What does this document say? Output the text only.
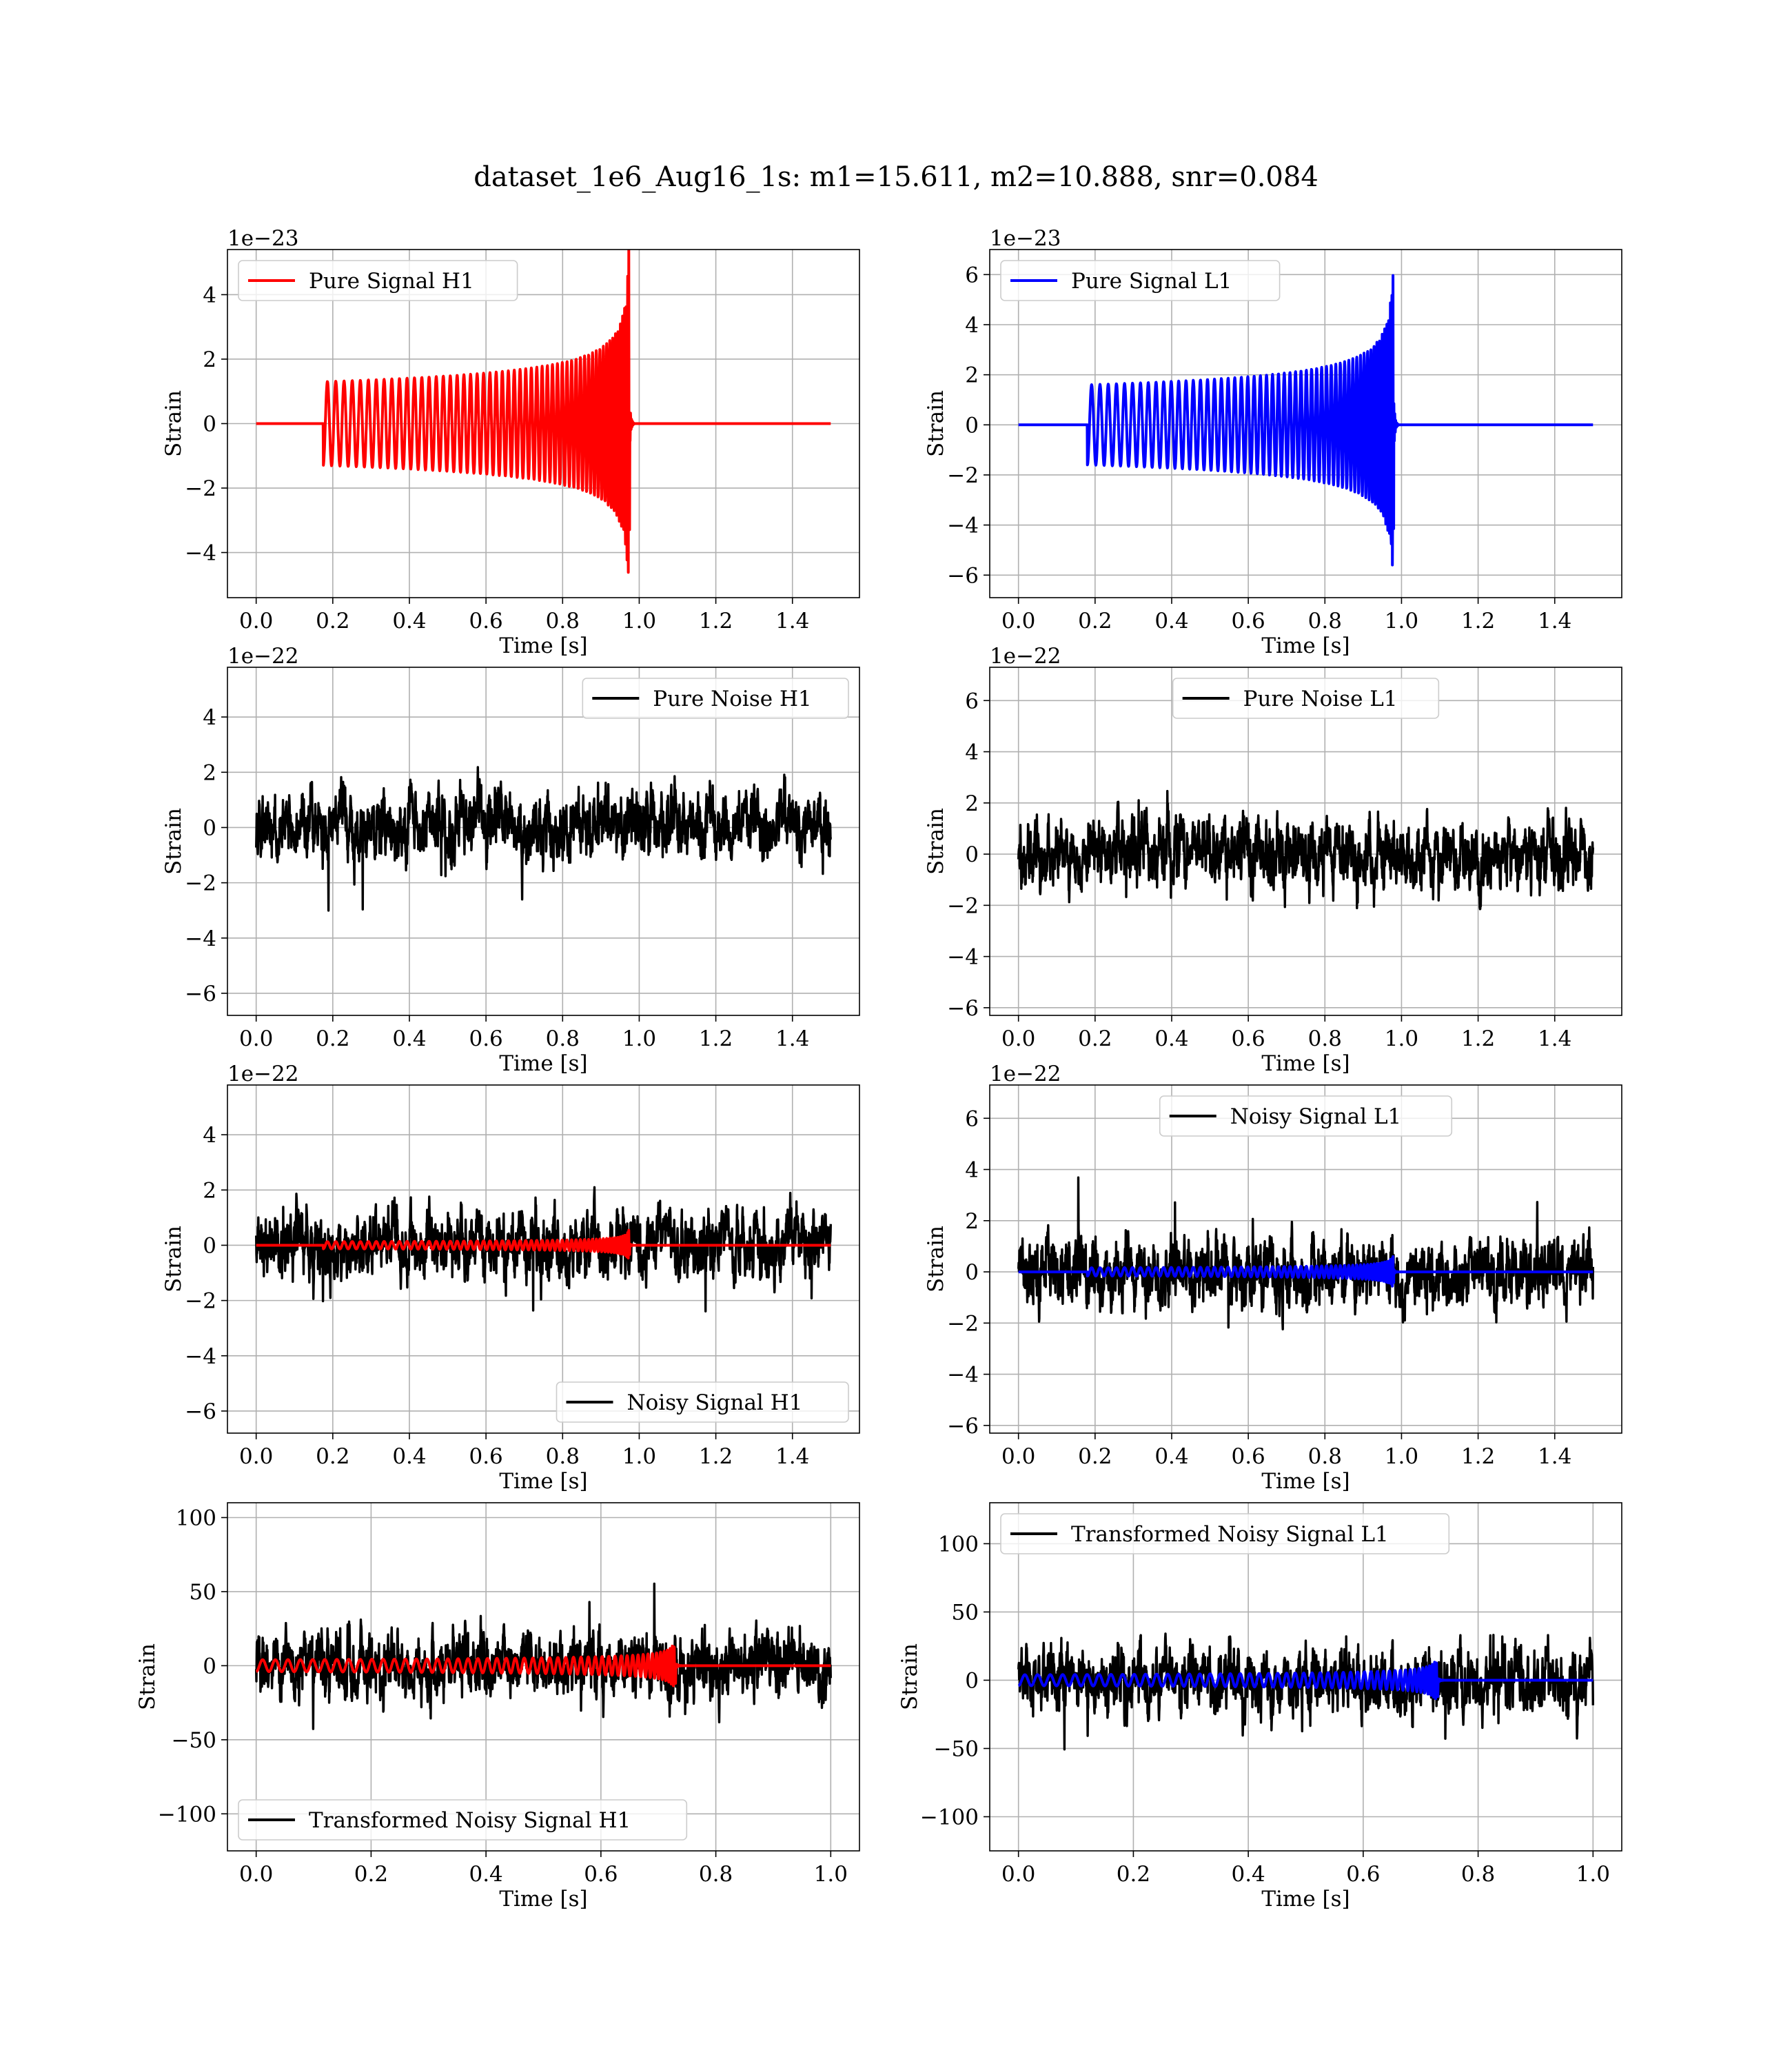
dataset_1e6_Aug16_1s: m1=15.611, m2=10.888, snr=0.084
0.0 0.2 0.4 0.6 0.8 1.0 1.2 1.4
−4
−2
0
2
4
Time [s]
Strain
1e−23
Pure Signal H1
0.0 0.2 0.4 0.6 0.8 1.0 1.2 1.4
−6
−4
−2
0
2
4
6
Time [s]
Strain
1e−23
Pure Signal L1
0.0 0.2 0.4 0.6 0.8 1.0 1.2 1.4
−6
−4
−2
0
2
4
Time [s]
Strain
1e−22
Pure Noise H1
0.0 0.2 0.4 0.6 0.8 1.0 1.2 1.4
−6
−4
−2
0
2
4
6
Time [s]
Strain
1e−22
Pure Noise L1
0.0 0.2 0.4 0.6 0.8 1.0 1.2 1.4
−6
−4
−2
0
2
4
Time [s]
Strain
1e−22
Noisy Signal H1
0.0 0.2 0.4 0.6 0.8 1.0 1.2 1.4
−6
−4
−2
0
2
4
6
Time [s]
Strain
1e−22
Noisy Signal L1
0.0	0.2	0.4	0.6	0.8	1.0
−100
−50
0
50
100
Time [s]
Strain
Transformed Noisy Signal H1
0.0	0.2	0.4	0.6	0.8	1.0
−100
−50
0
50
100
Time [s]
Strain
Transformed Noisy Signal L1
